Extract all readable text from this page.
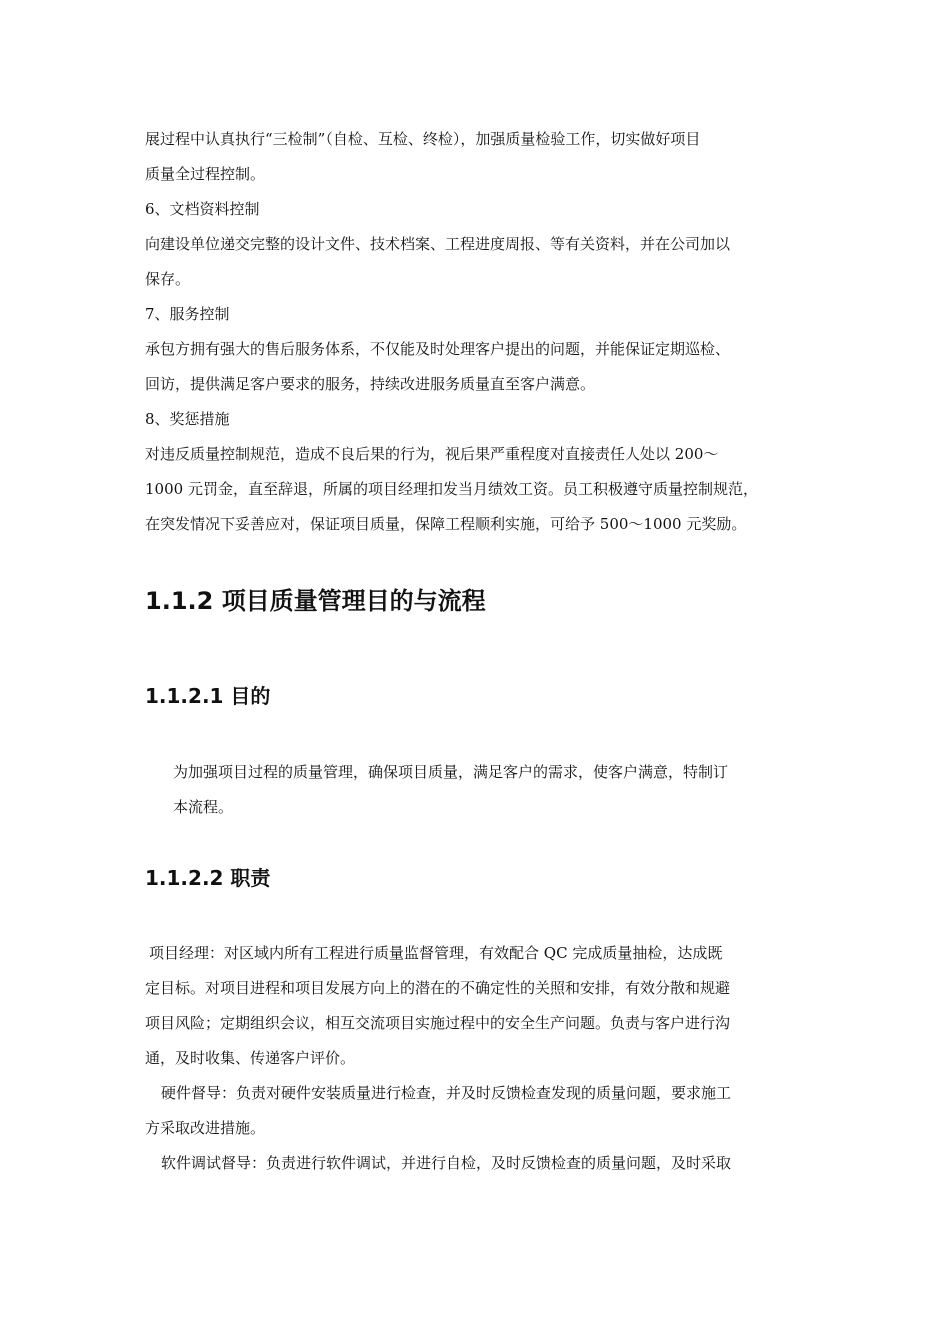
展过程中认真执行“三检制”（自检、互检、终检），加强质量检验工作，切实做好项目

质量全过程控制。

6、文档资料控制

向建设单位递交完整的设计文件、技术档案、工程进度周报、等有关资料，并在公司加以

保存。

7、服务控制

承包方拥有强大的售后服务体系，不仅能及时处理客户提出的问题，并能保证定期巡检、

回访，提供满足客户要求的服务，持续改进服务质量直至客户满意。

8、奖惩措施

对违反质量控制规范，造成不良后果的行为，视后果严重程度对直接责任人处以 200～

1000 元罚金，直至辞退，所属的项目经理扣发当月绩效工资。员工积极遵守质量控制规范，

在突发情况下妥善应对，保证项目质量，保障工程顺利实施，可给予 500～1000 元奖励。

1.1.2 项目质量管理目的与流程
1.1.2.1 目的

为加强项目过程的质量管理，确保项目质量，满足客户的需求，使客户满意，特制订

本流程。

1.1.2.2 职责

项目经理：对区域内所有工程进行质量监督管理，有效配合 QC 完成质量抽检，达成既

定目标。对项目进程和项目发展方向上的潜在的不确定性的关照和安排，有效分散和规避

项目风险；定期组织会议，相互交流项目实施过程中的安全生产问题。负责与客户进行沟

通，及时收集、传递客户评价。

硬件督导：负责对硬件安装质量进行检查，并及时反馈检查发现的质量问题，要求施工

方采取改进措施。

软件调试督导：负责进行软件调试，并进行自检，及时反馈检查的质量问题，及时采取
